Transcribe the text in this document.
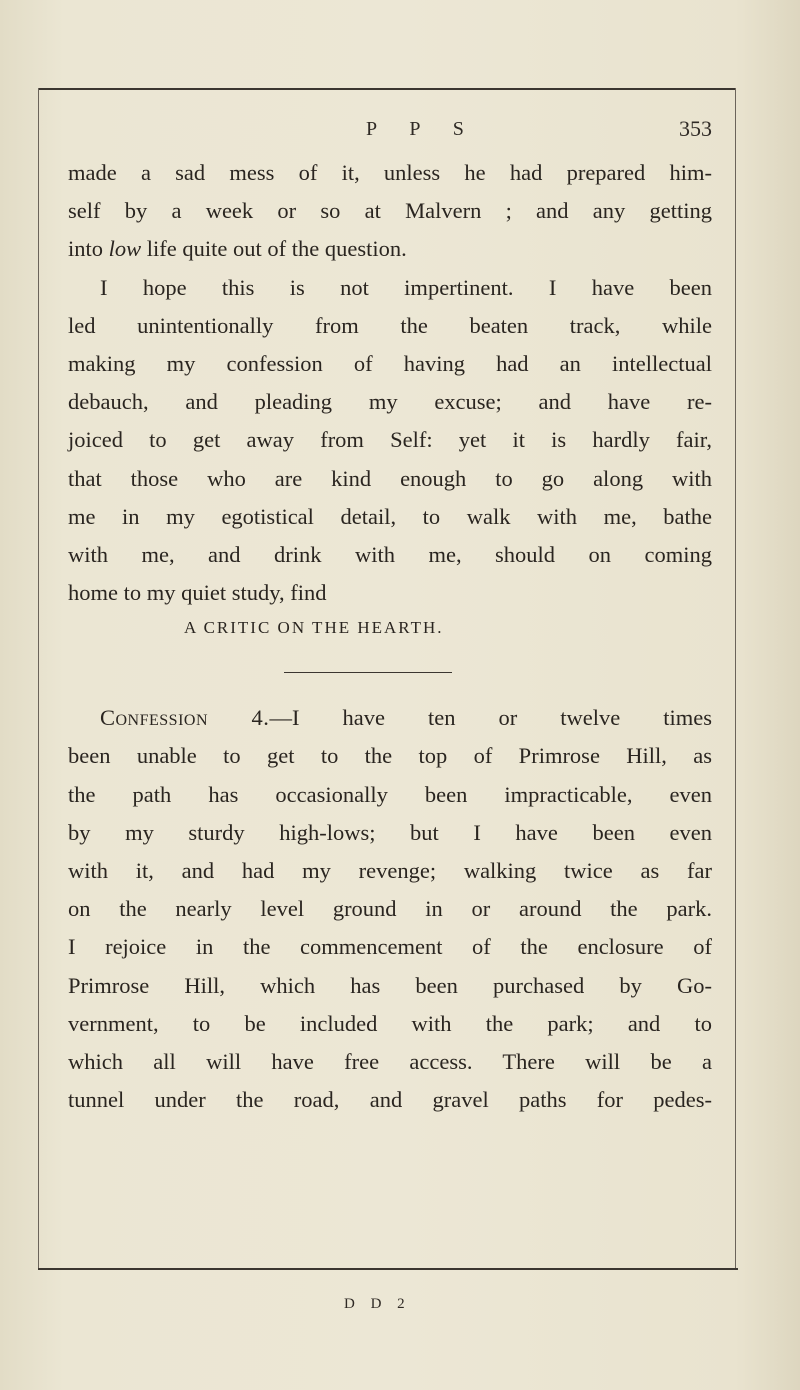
P P S	353
made a sad mess of it, unless he had prepared him-
self by a week or so at Malvern ; and any getting
into low life quite out of the question.
I hope this is not impertinent. I have been
led unintentionally from the beaten track, while
making my confession of having had an intellectual
debauch, and pleading my excuse; and have re-
joiced to get away from Self: yet it is hardly fair,
that those who are kind enough to go along with
me in my egotistical detail, to walk with me, bathe
with me, and drink with me, should on coming
home to my quiet study, find
A CRITIC ON THE HEARTH.
Confession 4.—I have ten or twelve times
been unable to get to the top of Primrose Hill, as
the path has occasionally been impracticable, even
by my sturdy high-lows; but I have been even
with it, and had my revenge; walking twice as far
on the nearly level ground in or around the park.
I rejoice in the commencement of the enclosure of
Primrose Hill, which has been purchased by Go-
vernment, to be included with the park; and to
which all will have free access. There will be a
tunnel under the road, and gravel paths for pedes-
D D 2
